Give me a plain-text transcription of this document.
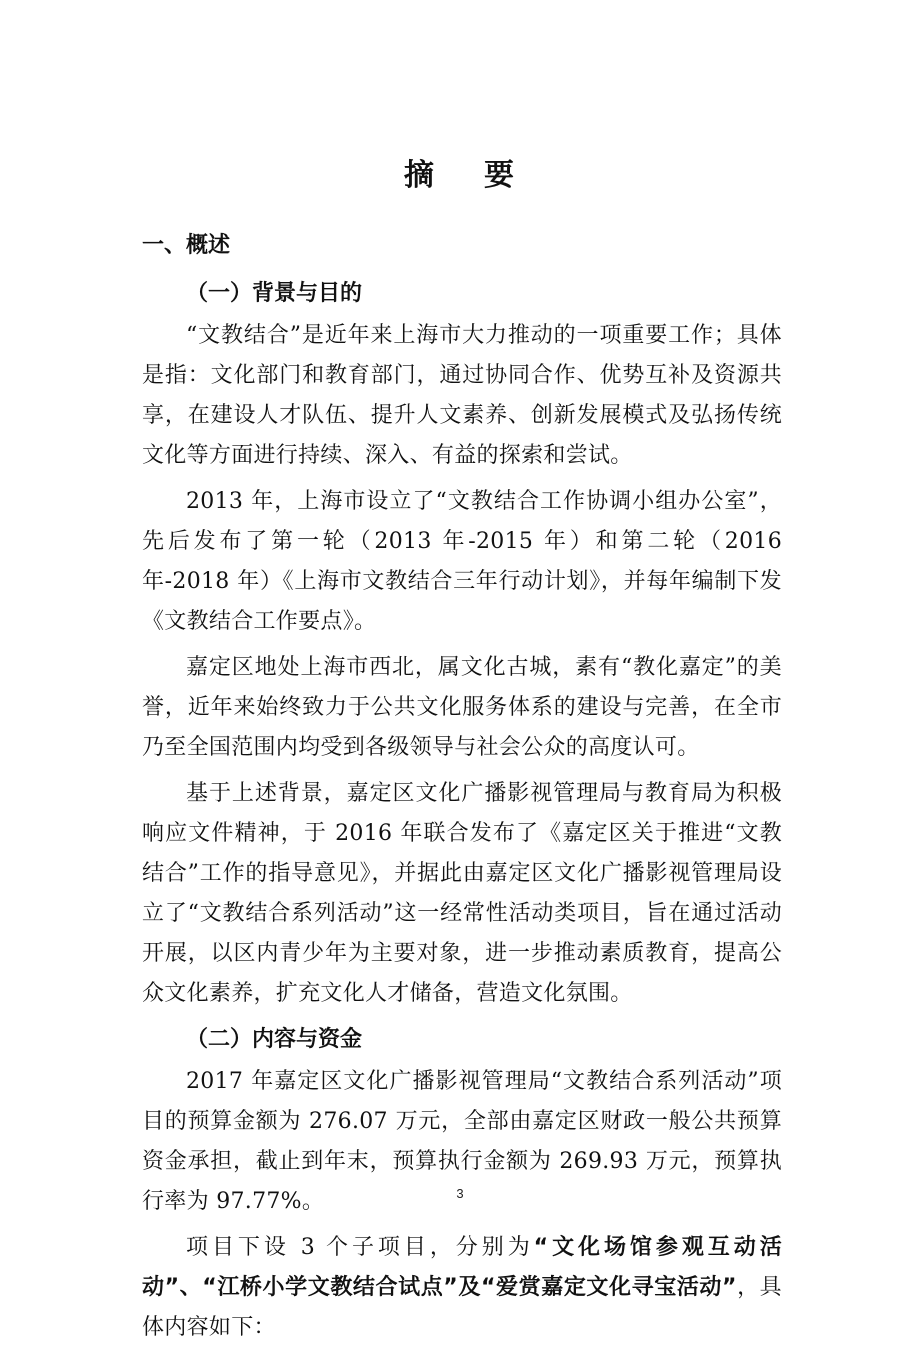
摘 要
一、概述
（一）背景与目的

“文教结合”是近年来上海市大力推动的一项重要工作；具体是指：文化部门和教育部门，通过协同合作、优势互补及资源共享，在建设人才队伍、提升人文素养、创新发展模式及弘扬传统文化等方面进行持续、深入、有益的探索和尝试。

2013 年，上海市设立了“文教结合工作协调小组办公室”，先后发布了第一轮（2013 年-2015 年）和第二轮（2016 年-2018 年）《上海市文教结合三年行动计划》，并每年编制下发《文教结合工作要点》。

嘉定区地处上海市西北，属文化古城，素有“教化嘉定”的美誉，近年来始终致力于公共文化服务体系的建设与完善，在全市乃至全国范围内均受到各级领导与社会公众的高度认可。

基于上述背景，嘉定区文化广播影视管理局与教育局为积极响应文件精神，于 2016 年联合发布了《嘉定区关于推进“文教结合”工作的指导意见》，并据此由嘉定区文化广播影视管理局设立了“文教结合系列活动”这一经常性活动类项目，旨在通过活动开展，以区内青少年为主要对象，进一步推动素质教育，提高公众文化素养，扩充文化人才储备，营造文化氛围。

（二）内容与资金

2017 年嘉定区文化广播影视管理局“文教结合系列活动”项目的预算金额为 276.07 万元，全部由嘉定区财政一般公共预算资金承担，截止到年末，预算执行金额为 269.93 万元，预算执行率为 97.77%。

项目下设 3 个子项目，分别为“文化场馆参观互动活动”、“江桥小学文教结合试点”及“爱赏嘉定文化寻宝活动”，具体内容如下：

3
